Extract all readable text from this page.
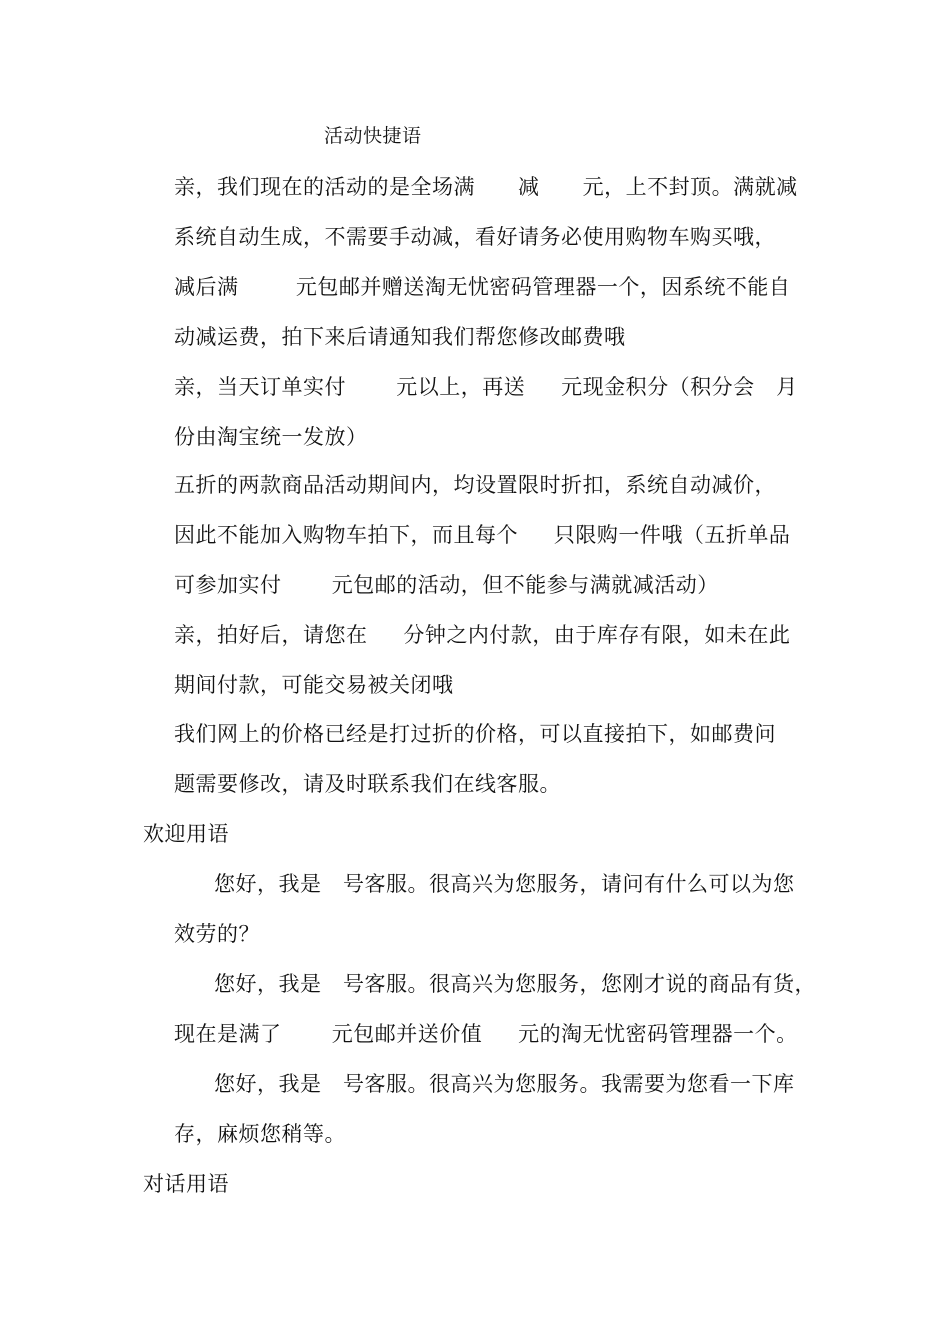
活动快捷语
亲，我们现在的活动的是全场满      减      元，上不封顶。满就减
系统自动生成，不需要手动减，看好请务必使用购物车购买哦，
减后满        元包邮并赠送淘无忧密码管理器一个，因系统不能自
动减运费，拍下来后请通知我们帮您修改邮费哦
亲，当天订单实付       元以上，再送     元现金积分（积分会   月
份由淘宝统一发放）
五折的两款商品活动期间内，均设置限时折扣，系统自动减价，
因此不能加入购物车拍下，而且每个     只限购一件哦（五折单品
可参加实付       元包邮的活动，但不能参与满就减活动）
亲，拍好后，请您在     分钟之内付款，由于库存有限，如未在此
期间付款，可能交易被关闭哦
我们网上的价格已经是打过折的价格，可以直接拍下，如邮费问
题需要修改，请及时联系我们在线客服。
欢迎用语
您好，我是   号客服。很高兴为您服务，请问有什么可以为您
效劳的？
您好，我是   号客服。很高兴为您服务，您刚才说的商品有货，
现在是满了       元包邮并送价值     元的淘无忧密码管理器一个。
您好，我是   号客服。很高兴为您服务。我需要为您看一下库
存，麻烦您稍等。
对话用语
